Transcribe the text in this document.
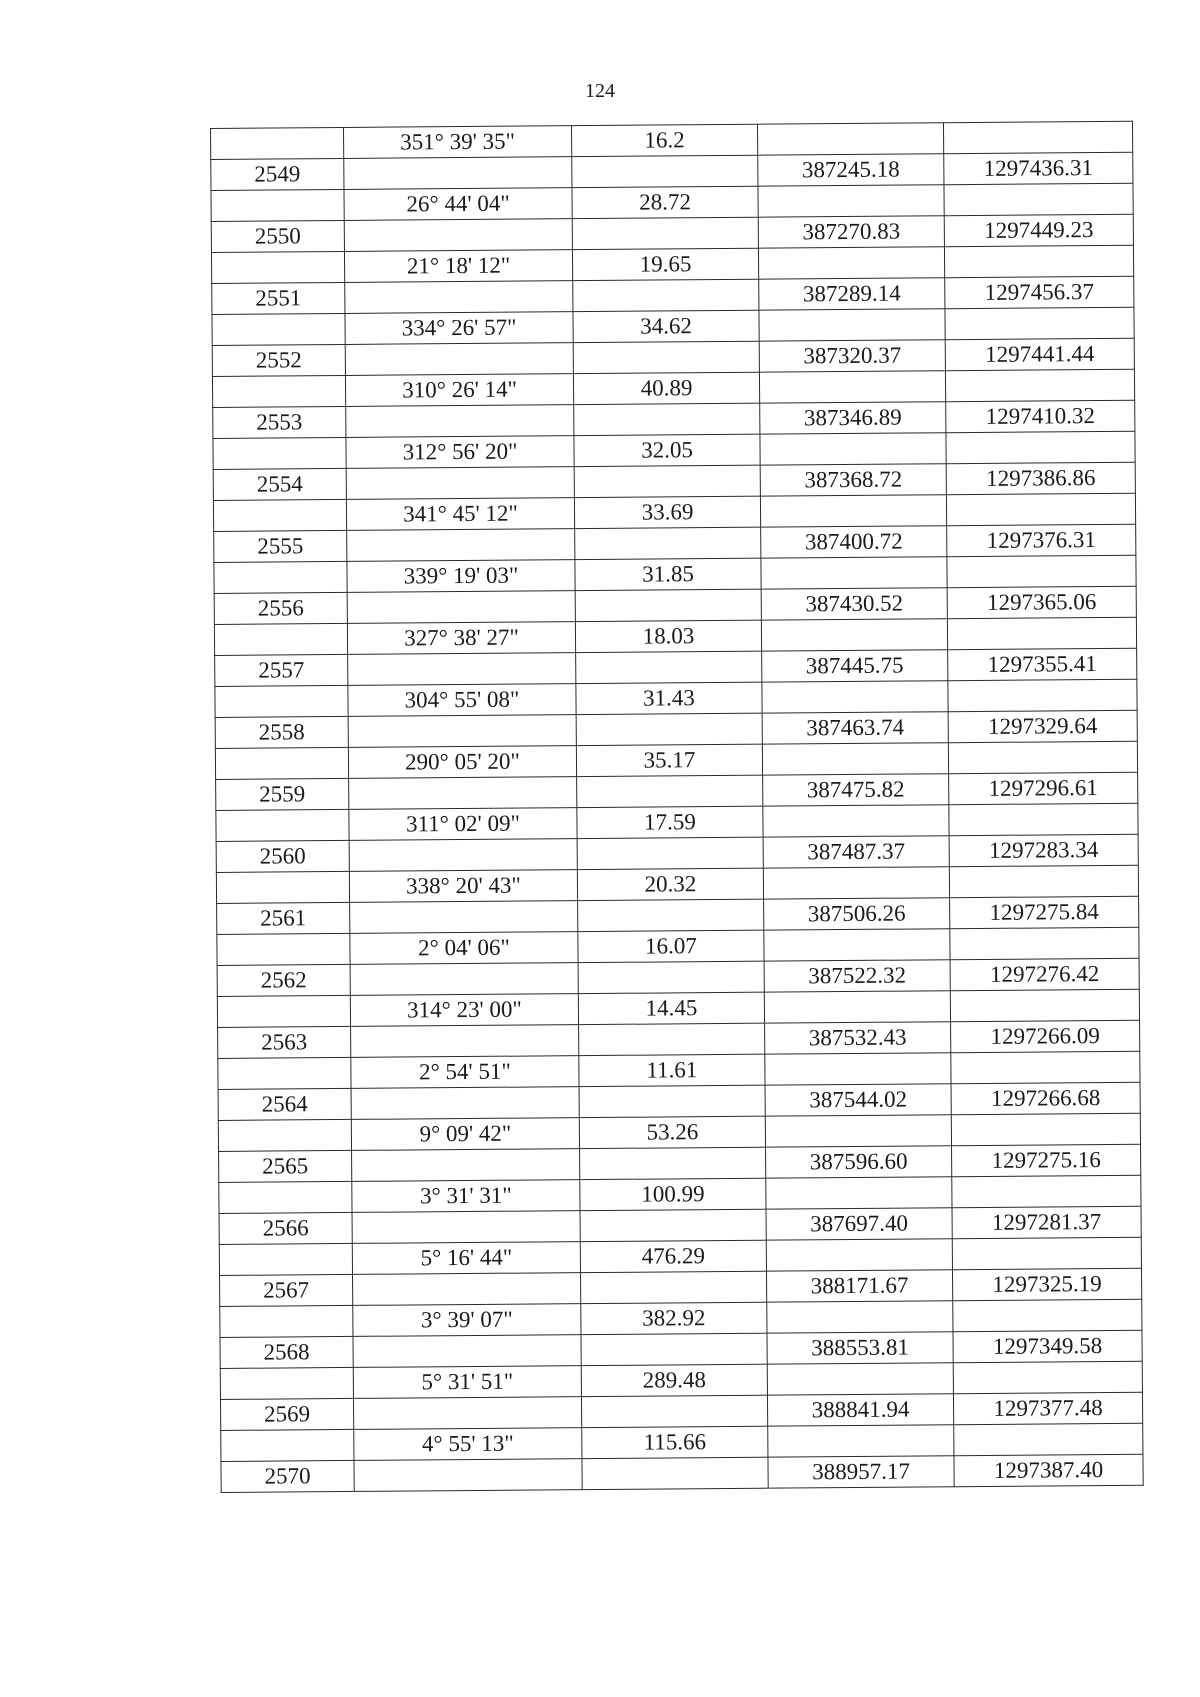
124
	351° 39' 35"	16.2		
2549			387245.18	1297436.31
	26° 44' 04"	28.72		
2550			387270.83	1297449.23
	21° 18' 12"	19.65		
2551			387289.14	1297456.37
	334° 26' 57"	34.62		
2552			387320.37	1297441.44
	310° 26' 14"	40.89		
2553			387346.89	1297410.32
	312° 56' 20"	32.05		
2554			387368.72	1297386.86
	341° 45' 12"	33.69		
2555			387400.72	1297376.31
	339° 19' 03"	31.85		
2556			387430.52	1297365.06
	327° 38' 27"	18.03		
2557			387445.75	1297355.41
	304° 55' 08"	31.43		
2558			387463.74	1297329.64
	290° 05' 20"	35.17		
2559			387475.82	1297296.61
	311° 02' 09"	17.59		
2560			387487.37	1297283.34
	338° 20' 43"	20.32		
2561			387506.26	1297275.84
	2° 04' 06"	16.07		
2562			387522.32	1297276.42
	314° 23' 00"	14.45		
2563			387532.43	1297266.09
	2° 54' 51"	11.61		
2564			387544.02	1297266.68
	9° 09' 42"	53.26		
2565			387596.60	1297275.16
	3° 31' 31"	100.99		
2566			387697.40	1297281.37
	5° 16' 44"	476.29		
2567			388171.67	1297325.19
	3° 39' 07"	382.92		
2568			388553.81	1297349.58
	5° 31' 51"	289.48		
2569			388841.94	1297377.48
	4° 55' 13"	115.66		
2570			388957.17	1297387.40
